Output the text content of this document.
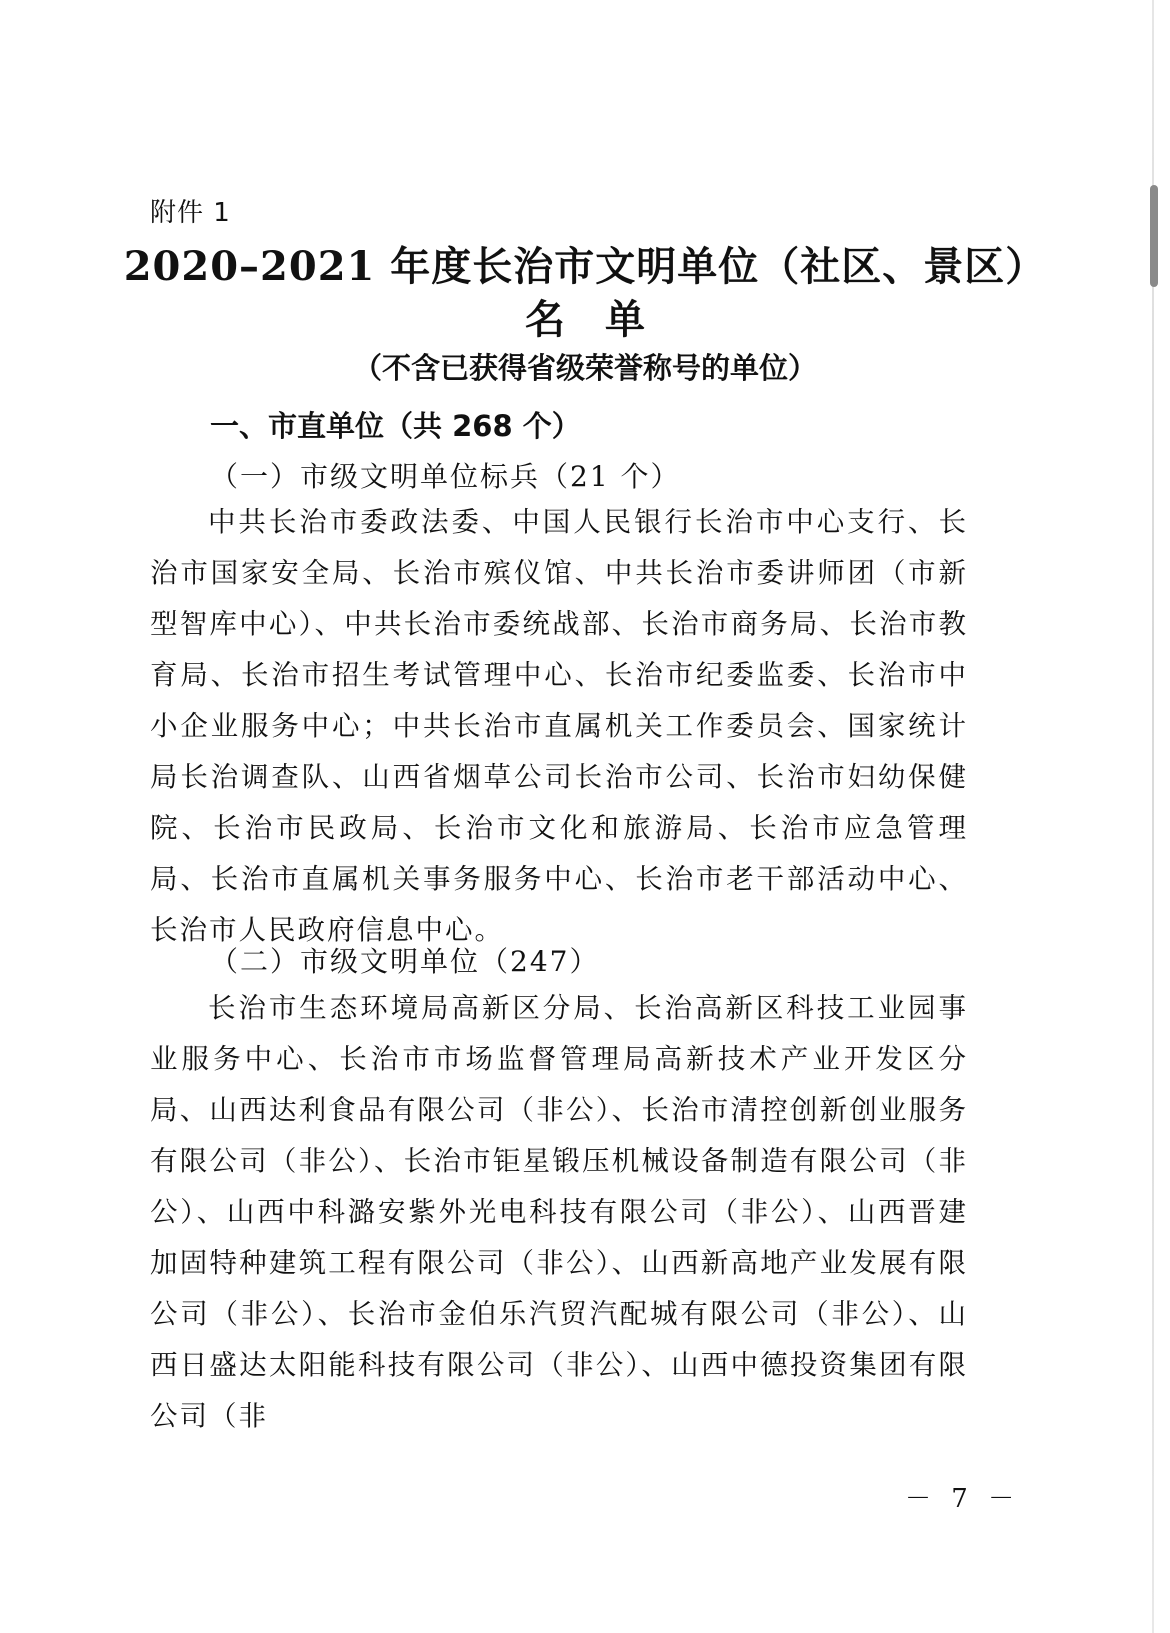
附件 1
2020–2021 年度长治市文明单位（社区、景区）
名单
（不含已获得省级荣誉称号的单位）
一、市直单位（共 268 个）
（一）市级文明单位标兵（21 个）
中共长治市委政法委、中国人民银行长治市中心支行、长治市国家安全局、长治市殡仪馆、中共长治市委讲师团（市新型智库中心）、中共长治市委统战部、长治市商务局、长治市教育局、长治市招生考试管理中心、长治市纪委监委、长治市中小企业服务中心；中共长治市直属机关工作委员会、国家统计局长治调查队、山西省烟草公司长治市公司、长治市妇幼保健院、长治市民政局、长治市文化和旅游局、长治市应急管理局、长治市直属机关事务服务中心、长治市老干部活动中心、长治市人民政府信息中心。
（二）市级文明单位（247）
长治市生态环境局高新区分局、长治高新区科技工业园事业服务中心、长治市市场监督管理局高新技术产业开发区分局、山西达利食品有限公司（非公）、长治市清控创新创业服务有限公司（非公）、长治市钜星锻压机械设备制造有限公司（非公）、山西中科潞安紫外光电科技有限公司（非公）、山西晋建加固特种建筑工程有限公司（非公）、山西新高地产业发展有限公司（非公）、长治市金伯乐汽贸汽配城有限公司（非公）、山西日盛达太阳能科技有限公司（非公）、山西中德投资集团有限公司（非
－ 7 －
